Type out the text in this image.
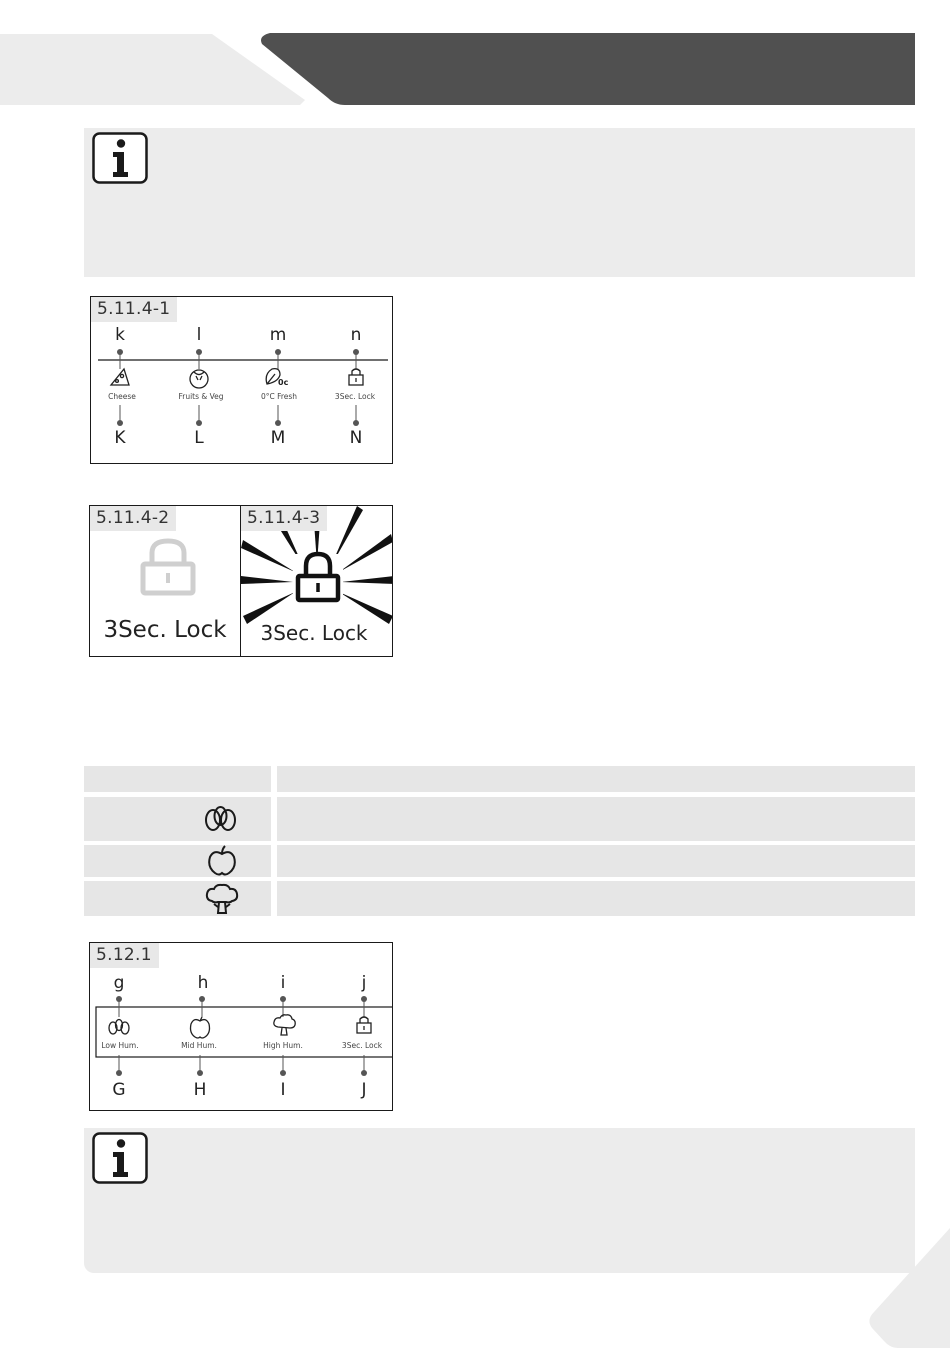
5.11.4-1
0c
k	l	m	n
Cheese	Fruits & Veg	0°C Fresh	3Sec. Lock
K	L	M	N
5.11.4-2
3Sec. Lock
5.11.4-3
3Sec. Lock
5.12.1
g	h	i	j
Low Hum.	Mid Hum.	High Hum.	3Sec. Lock
G	H	I	J
